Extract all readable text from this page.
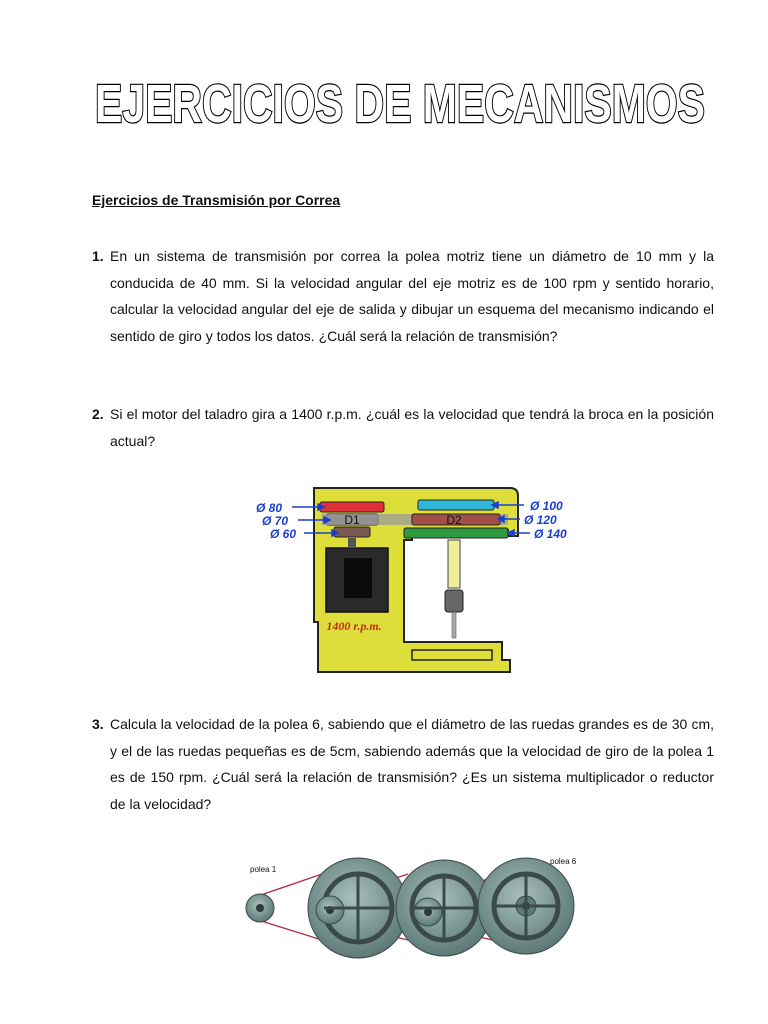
EJERCICIOS DE MECANISMOS
Ejercicios de Transmisión por Correa
1. En un sistema de transmisión por correa la polea motriz tiene un diámetro de 10 mm y la conducida de 40 mm. Si la velocidad angular del eje motriz es de 100 rpm y sentido horario, calcular la velocidad angular del eje de salida y dibujar un esquema del mecanismo indicando el sentido de giro y todos los datos. ¿Cuál será la relación de transmisión?
2. Si el motor del taladro gira a 1400 r.p.m. ¿cuál es la velocidad que tendrá la broca en la posición actual?
D1	D2
1400 r.p.m.
Ø 80
Ø 70
Ø 60
Ø 100
Ø 120
Ø 140
3. Calcula la velocidad de la polea 6, sabiendo que el diámetro de las ruedas grandes es de 30 cm, y el de las ruedas pequeñas es de 5cm, sabiendo además que la velocidad de giro de la polea 1 es de 150 rpm. ¿Cuál será la relación de transmisión? ¿Es un sistema multiplicador o reductor de la velocidad?
polea 1
polea 6
